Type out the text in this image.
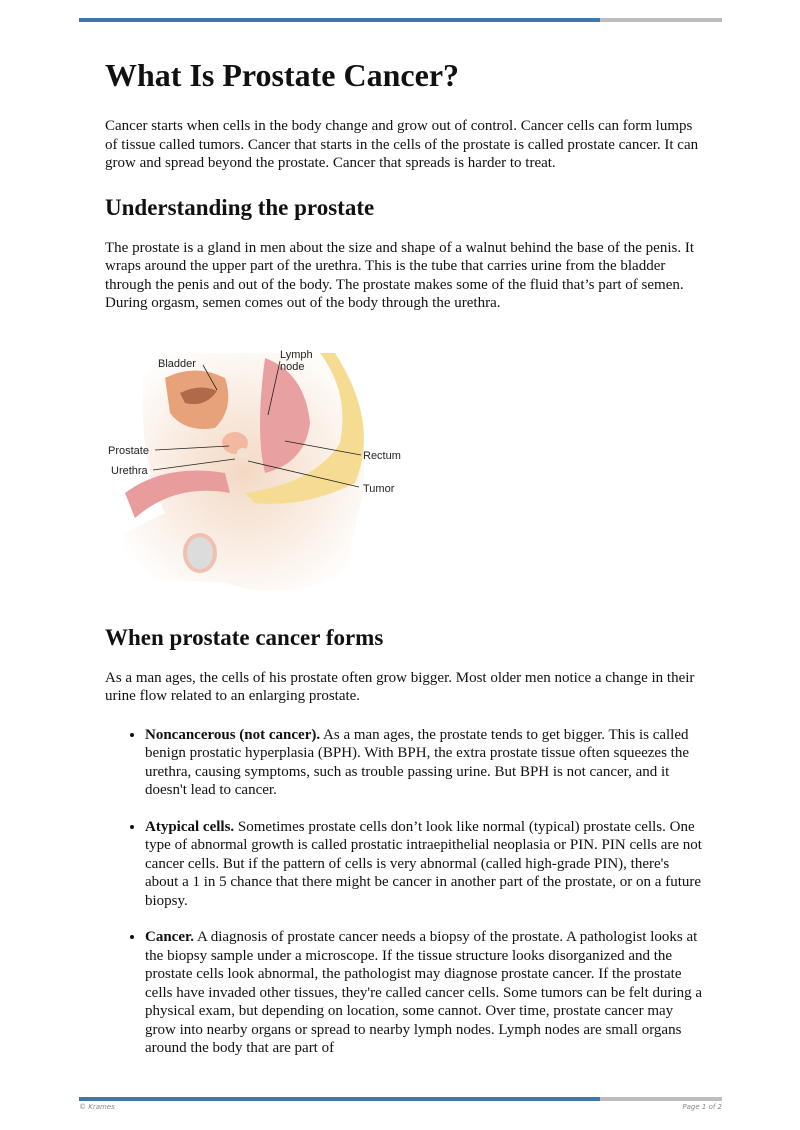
What Is Prostate Cancer?

Cancer starts when cells in the body change and grow out of control. Cancer cells can form lumps of tissue called tumors. Cancer that starts in the cells of the prostate is called prostate cancer. It can grow and spread beyond the prostate. Cancer that spreads is harder to treat.

Understanding the prostate

The prostate is a gland in men about the size and shape of a walnut behind the base of the penis. It wraps around the upper part of the urethra. This is the tube that carries urine from the bladder through the penis and out of the body. The prostate makes some of the fluid that’s part of semen. During orgasm, semen comes out of the body through the urethra.

Bladder
Lymph
node
Prostate
Urethra
Rectum
Tumor
When prostate cancer forms

As a man ages, the cells of his prostate often grow bigger. Most older men notice a change in their urine flow related to an enlarging prostate.

• Noncancerous (not cancer). As a man ages, the prostate tends to get bigger. This is called benign prostatic hyperplasia (BPH). With BPH, the extra prostate tissue often squeezes the urethra, causing symptoms, such as trouble passing urine. But BPH is not cancer, and it doesn't lead to cancer.
• Atypical cells. Sometimes prostate cells don’t look like normal (typical) prostate cells. One type of abnormal growth is called prostatic intraepithelial neoplasia or PIN. PIN cells are not cancer cells. But if the pattern of cells is very abnormal (called high-grade PIN), there's about a 1 in 5 chance that there might be cancer in another part of the prostate, or on a future biopsy.
• Cancer. A diagnosis of prostate cancer needs a biopsy of the prostate. A pathologist looks at the biopsy sample under a microscope. If the tissue structure looks disorganized and the prostate cells look abnormal, the pathologist may diagnose prostate cancer. If the prostate cells have invaded other tissues, they're called cancer cells. Some tumors can be felt during a physical exam, but depending on location, some cannot. Over time, prostate cancer may grow into nearby organs or spread to nearby lymph nodes. Lymph nodes are small organs around the body that are part of
© Krames	Page 1 of 2
